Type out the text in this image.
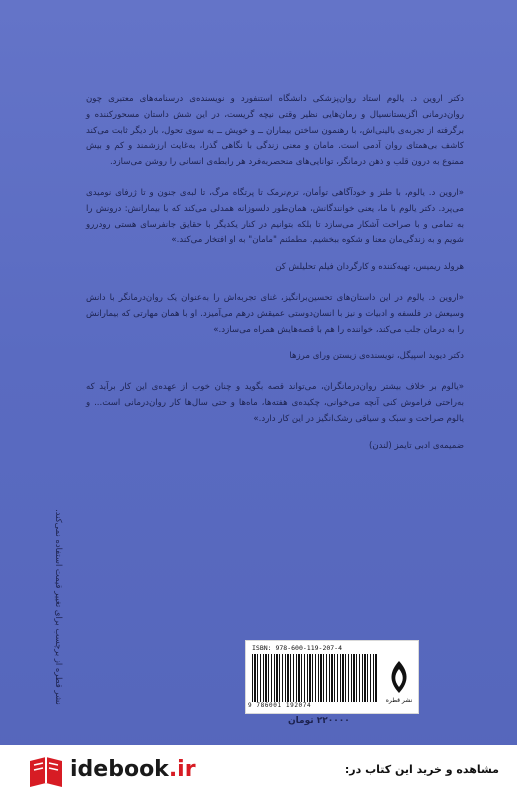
دکتر اروین د. یالوم استاد روان‌پزشکی دانشگاه استنفورد و نویسنده‌ی درسنامه‌های معتبری چون روان‌درمانی اگزیستانسیال و رمان‌هایی نظیر وقتی نیچه گریست، در این شش داستان مسحورکننده و برگرفته از تجربه‌ی بالینی‌اش، با رهنمون ساختن بیماران ــ و خویش ــ به سوی تحول، بار دیگر ثابت می‌کند کاشف بی‌همتای روان آدمی است. مامان و معنی زندگی با نگاهی گذرا، به‌غایت ارزشمند و کم و بیش ممنوع به درون قلب و ذهن درمانگر، توانایی‌های منحصربه‌فرد هر رابطه‌ی انسانی را روشن می‌سازد.

«اروین د. یالوم، با طنز و خودآگاهی توأمان، ترم‌نرمک تا پرتگاه مرگ، تا لبه‌ی جنون و تا ژرفای نومیدی می‌پرد. دکتر یالوم با ما، یعنی خوانندگانش، همان‌طور دلسوزانه همدلی می‌کند که با بیمارانش: درونش را به تمامی و با صراحت آشکار می‌سازد تا بلکه بتوانیم در کنار یکدیگر با حقایق جانفرسای هستی رودررو شویم و به زندگی‌مان معنا و شکوه ببخشیم. مطمئنم "مامان" به او افتخار می‌کند.»

هرولد ریمیس، تهیه‌کننده و کارگردان فیلم تحلیلش کن

«اروین د. یالوم در این داستان‌های تحسین‌برانگیز، غنای تجربه‌اش را به‌عنوان یک روان‌درمانگر با دانش وسیعش در فلسفه و ادبیات و نیز با انسان‌دوستی عمیقش درهم می‌آمیزد. او با همان مهارتی که بیمارانش را به درمان جلب می‌کند، خواننده را هم با قصه‌هایش همراه می‌سازد.»

دکتر دیوید اسپیگل، نویسنده‌ی زیستن ورای مرزها

«یالوم بر خلاف بیشتر روان‌درمانگران، می‌تواند قصه بگوید و چنان خوب از عهده‌ی این کار برآید که به‌راحتی فراموش کنی آنچه می‌خوانی، چکیده‌ی هفته‌ها، ماه‌ها و حتی سال‌ها کار روان‌درمانی است... و یالوم صراحت و سبک و سیاقی رشک‌انگیز در این کار دارد.»

ضمیمه‌ی ادبی تایمز (لندن)

نشر قطره از برچسب برای تغییر قیمت استفاده نمی‌کند.	ISBN: 978-600-119-207-4
9 786001 192074
نشر قطره
۲۲۰۰۰۰ تومان
idebook.ir	مشاهده و خرید این کتاب در:
